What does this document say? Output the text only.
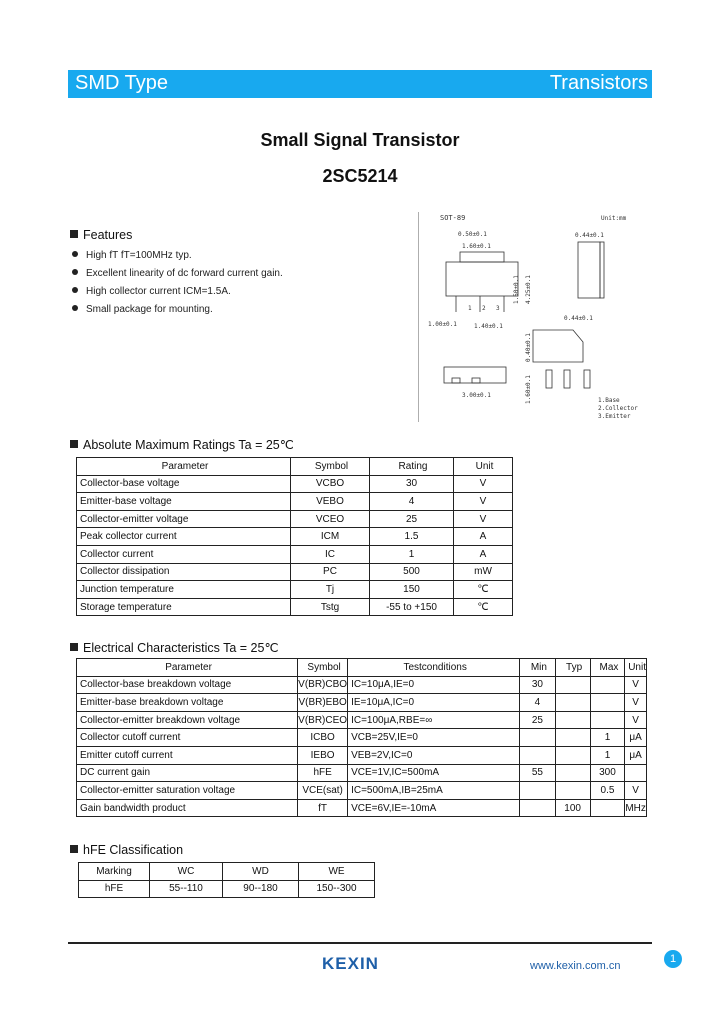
SMD Type	Transistors
Small Signal Transistor
2SC5214
Features
High fT fT=100MHz typ.
Excellent linearity of dc forward current gain.
High collector current ICM=1.5A.
Small package for mounting.
SOT-89	Unit:mm
0.50±0.1
1.60±0.1
1 2 3
1.50±0.1 4.25±0.1
1.00±0.1	1.40±0.1
0.44±0.1
0.44±0.1
0.40±0.1
1.60±0.1
3.00±0.1
1.Base
2.Collector
3.Emitter
Absolute Maximum Ratings Ta = 25℃
Parameter	Symbol	Rating	Unit
Collector-base voltage	VCBO	30	V
Emitter-base voltage	VEBO	4	V
Collector-emitter voltage	VCEO	25	V
Peak collector current	ICM	1.5	A
Collector current	IC	1	A
Collector dissipation	PC	500	mW
Junction temperature	Tj	150	℃
Storage temperature	Tstg	-55 to +150	℃
Electrical Characteristics Ta = 25℃
Parameter	Symbol	Testconditions	Min	Typ	Max	Unit
Collector-base breakdown voltage	V(BR)CBO	IC=10μA,IE=0	30			V
Emitter-base breakdown voltage	V(BR)EBO	IE=10μA,IC=0	4			V
Collector-emitter breakdown voltage	V(BR)CEO	IC=100μA,RBE=∞	25			V
Collector cutoff current	ICBO	VCB=25V,IE=0			1	μA
Emitter cutoff current	IEBO	VEB=2V,IC=0			1	μA
DC current gain	hFE	VCE=1V,IC=500mA	55		300	
Collector-emitter saturation voltage	VCE(sat)	IC=500mA,IB=25mA			0.5	V
Gain bandwidth product	fT	VCE=6V,IE=-10mA		100		MHz
hFE Classification
Marking	WC	WD	WE
hFE	55--110	90--180	150--300
KEXIN	www.kexin.com.cn
1
